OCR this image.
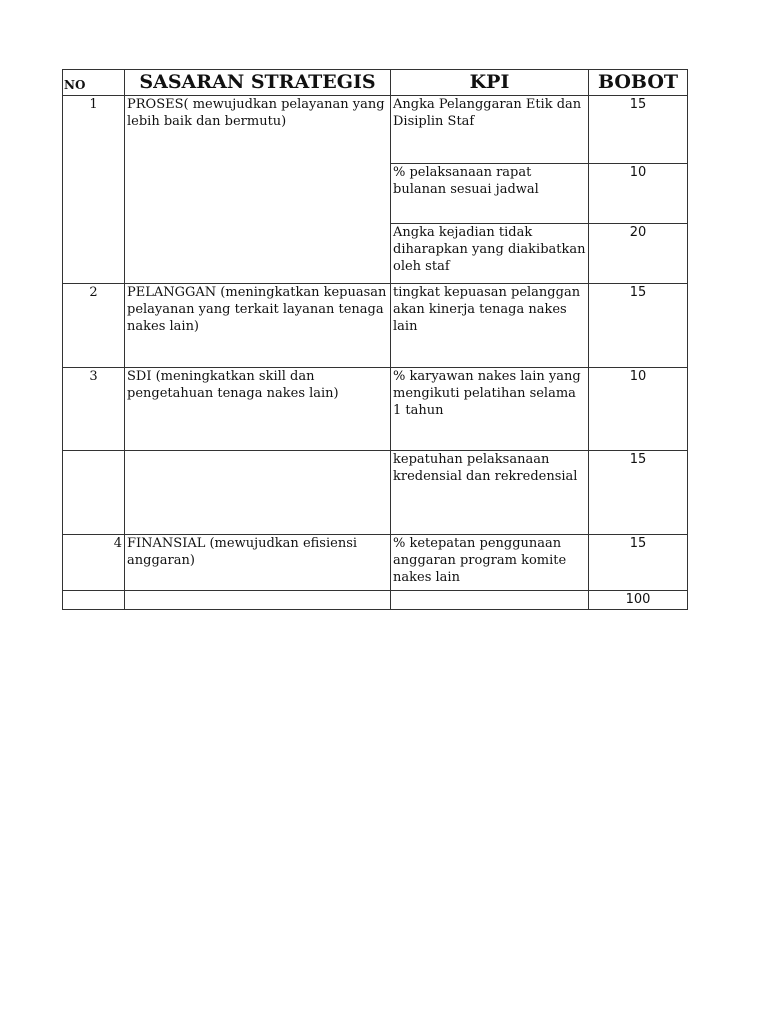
NO	SASARAN STRATEGIS	KPI	BOBOT
1	PROSES( mewujudkan pelayanan yang lebih baik dan bermutu)	Angka Pelanggaran Etik dan Disiplin Staf	15
		% pelaksanaan rapat bulanan sesuai jadwal	10
		Angka kejadian tidak diharapkan yang diakibatkan oleh staf	20
2	PELANGGAN (meningkatkan kepuasan pelayanan yang terkait layanan tenaga nakes lain)	tingkat kepuasan pelanggan akan kinerja tenaga nakes lain	15
3	SDI (meningkatkan skill dan pengetahuan tenaga nakes lain)	% karyawan nakes lain yang mengikuti pelatihan selama 1 tahun	10
		kepatuhan pelaksanaan kredensial dan rekredensial	15
4	FINANSIAL (mewujudkan efisiensi anggaran)	% ketepatan penggunaan anggaran program komite nakes lain	15
			100
